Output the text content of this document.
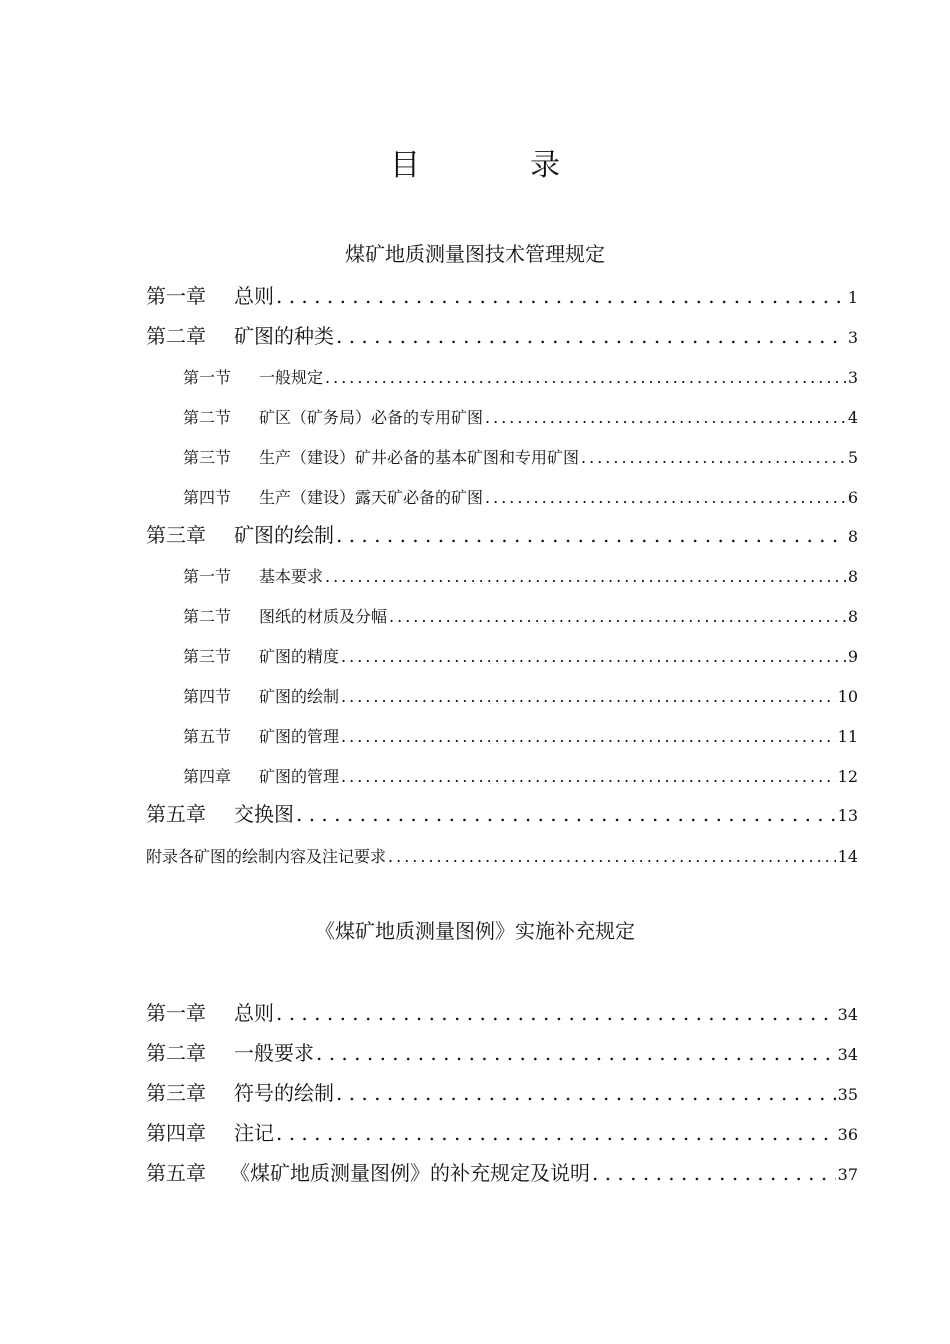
目　录
煤矿地质测量图技术管理规定
第一章	总则 . . .	1
第二章	矿图的种类 . . .	3
第一节	一般规定 .....	3
第二节	矿区（矿务局）必备的专用矿图 .....	4
第三节	生产（建设）矿井必备的基本矿图和专用矿图 .....	5
第四节	生产（建设）露天矿必备的矿图 .....	6
第三章	矿图的绘制 . . .	8
第一节	基本要求 .....	8
第二节	图纸的材质及分幅 .....	8
第三节	矿图的精度 .....	9
第四节	矿图的绘制 .....	10
第五节	矿图的管理 .....	11
第四章	矿图的管理 .....	12
第五章	交换图 . . .	13
附录各矿图的绘制内容及注记要求 .....	14
《煤矿地质测量图例》实施补充规定
第一章	总则 . . .	34
第二章	一般要求 . . .	34
第三章	符号的绘制 . . .	35
第四章	注记 . . .	36
第五章	《煤矿地质测量图例》的补充规定及说明 . . .	37
